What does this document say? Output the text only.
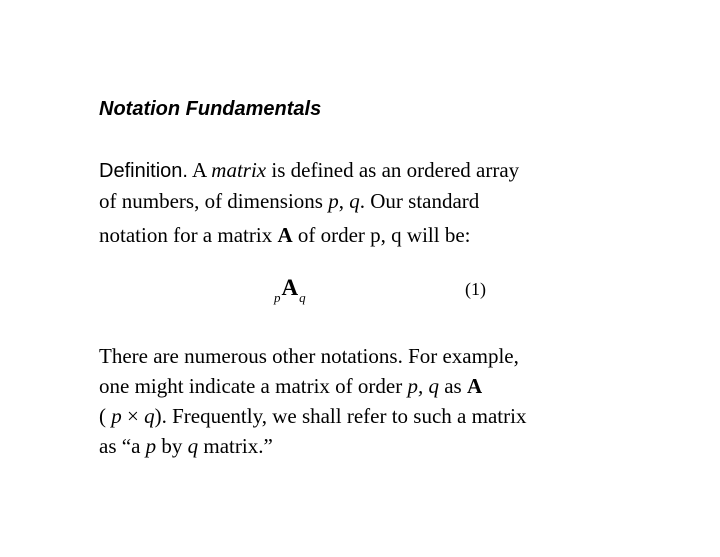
Notation Fundamentals
Definition. A matrix is defined as an ordered array
of numbers, of dimensions p, q. Our standard
notation for a matrix A of order p, q will be:
$_pA_q$	(1)
There are numerous other notations. For example,
one might indicate a matrix of order p, q as A
( p × q). Frequently, we shall refer to such a matrix
as “a p by q matrix.”
